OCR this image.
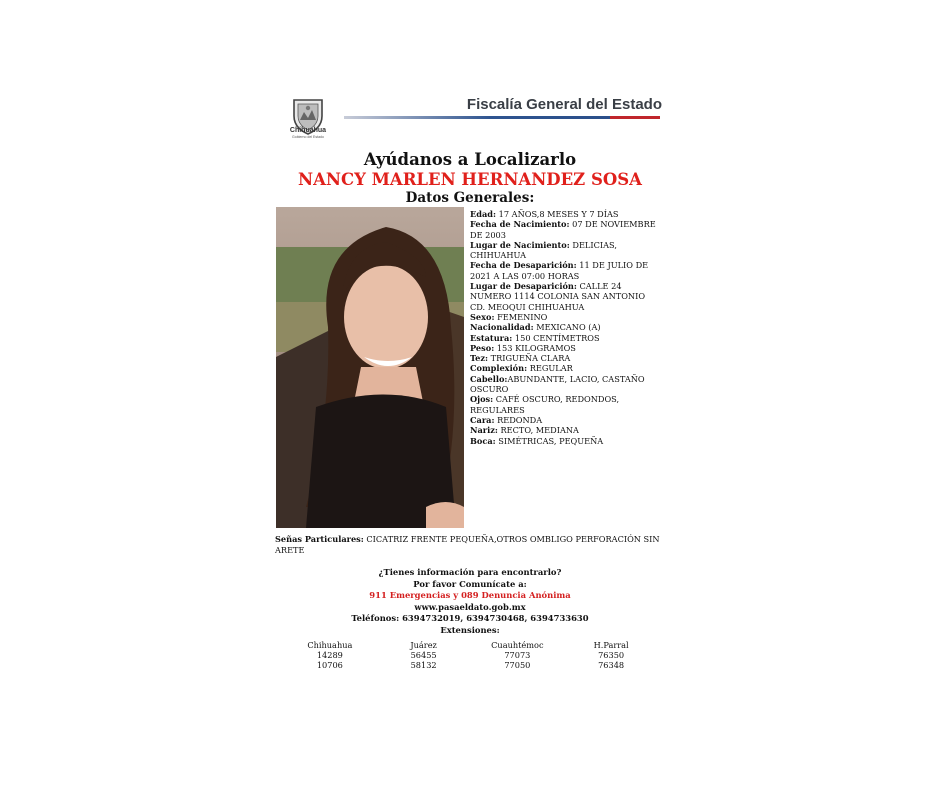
Chihuahua
Gobierno del Estado
Fiscalía General del Estado
Ayúdanos a Localizarlo
NANCY MARLEN HERNANDEZ SOSA
Datos Generales:
Edad: 17 AÑOS,8 MESES Y 7 DÍAS
Fecha de Nacimiento: 07 DE NOVIEMBRE DE 2003
Lugar de Nacimiento: DELICIAS, CHIHUAHUA
Fecha de Desaparición: 11 DE JULIO DE 2021 A LAS 07:00 HORAS
Lugar de Desaparición: CALLE 24 NUMERO 1114 COLONIA SAN ANTONIO CD. MEOQUI CHIHUAHUA
Sexo: FEMENINO
Nacionalidad: MEXICANO (A)
Estatura: 150 CENTÍMETROS
Peso: 153 KILOGRAMOS
Tez: TRIGUEÑA CLARA
Complexión: REGULAR
Cabello:ABUNDANTE, LACIO, CASTAÑO OSCURO
Ojos: CAFÉ OSCURO, REDONDOS, REGULARES
Cara: REDONDA
Nariz: RECTO, MEDIANA
Boca: SIMÉTRICAS, PEQUEÑA
Señas Particulares: CICATRIZ FRENTE PEQUEÑA,OTROS OMBLIGO PERFORACIÓN SIN ARETE
¿Tienes información para encontrarlo?
Por favor Comunícate a:
911 Emergencias y 089 Denuncia Anónima
www.pasaeldato.gob.mx
Teléfonos: 6394732019, 6394730468, 6394733630
Extensiones:
Chihuahua	Juárez	Cuauhtémoc	H.Parral
14289	56455	77073	76350
10706	58132	77050	76348
